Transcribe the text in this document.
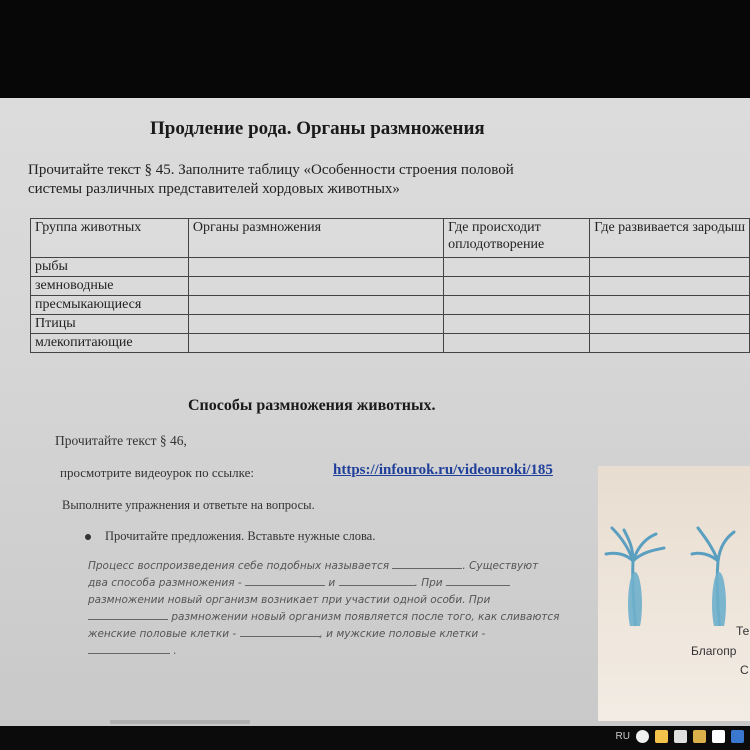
Продление рода. Органы размножения
Прочитайте текст § 45. Заполните таблицу «Особенности строения половой
системы различных представителей хордовых животных»
Группа животных	Органы размножения	Где происходит оплодотворение	Где развивается зародыш
рыбы			
земноводные			
пресмыкающиеся			
Птицы			
млекопитающие			
Способы размножения животных.
Прочитайте текст § 46,
просмотрите видеоурок по ссылке:	https://infourok.ru/videouroki/185
Выполните упражнения и ответьте на вопросы.
Прочитайте предложения. Вставьте нужные слова.
Процесс воспроизведения себе подобных называется	. Существуют
два способа размножения -	и	. При
размножении новый организм возникает при участии одной особи. При
размножении новый организм появляется после того, как сливаются
женские половые клетки -	, и мужские половые клетки -
.
Те
Благопр
С
RU
